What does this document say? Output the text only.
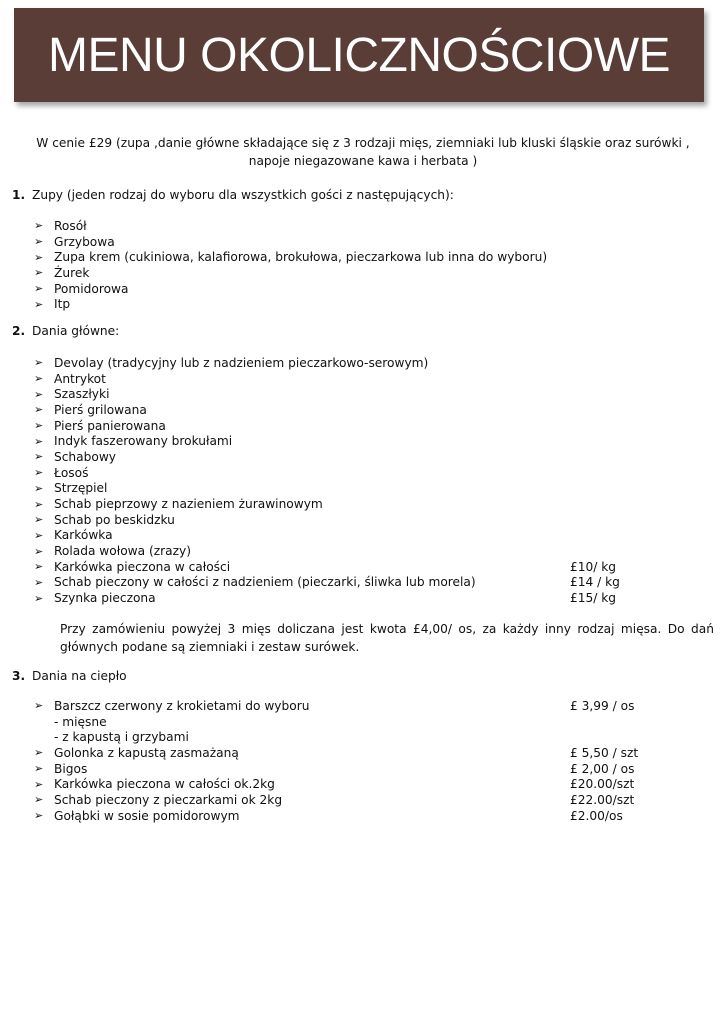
MENU OKOLICZNOŚCIOWE

W cenie £29 (zupa ,danie główne składające się z 3 rodzaji mięs, ziemniaki lub kluski śląskie oraz surówki , napoje niegazowane kawa i herbata )

1. Zupy (jeden rodzaj do wyboru dla wszystkich gości z następujących):
➢ Rosół
➢ Grzybowa
➢ Zupa krem (cukiniowa, kalafiorowa, brokułowa, pieczarkowa lub inna do wyboru)
➢ Żurek
➢ Pomidorowa
➢ Itp
2. Dania główne:
➢ Devolay (tradycyjny lub z nadzieniem pieczarkowo-serowym)
➢ Antrykot
➢ Szaszłyki
➢ Pierś grilowana
➢ Pierś panierowana
➢ Indyk faszerowany brokułami
➢ Schabowy
➢ Łosoś
➢ Strzępiel
➢ Schab pieprzowy z nazieniem żurawinowym
➢ Schab po beskidzku
➢ Karkówka
➢ Rolada wołowa (zrazy)
➢ Karkówka pieczona w całości	£10/ kg
➢ Schab pieczony w całości z nadzieniem (pieczarki, śliwka lub morela)	£14 / kg
➢ Szynka pieczona	£15/ kg

Przy zamówieniu powyżej 3 mięs doliczana jest kwota £4,00/ os, za każdy inny rodzaj mięsa. Do dań głównych podane są ziemniaki i zestaw surówek.

3. Dania na ciepło
➢ Barszcz czerwony z krokietami do wyboru	£ 3,99 / os
- mięsne
- z kapustą i grzybami
➢ Golonka z kapustą zasmażaną	£ 5,50 / szt
➢ Bigos	£ 2,00 / os
➢ Karkówka pieczona w całości ok.2kg	£20.00/szt
➢ Schab pieczony z pieczarkami ok 2kg	£22.00/szt
➢ Gołąbki w sosie pomidorowym	£2.00/os
